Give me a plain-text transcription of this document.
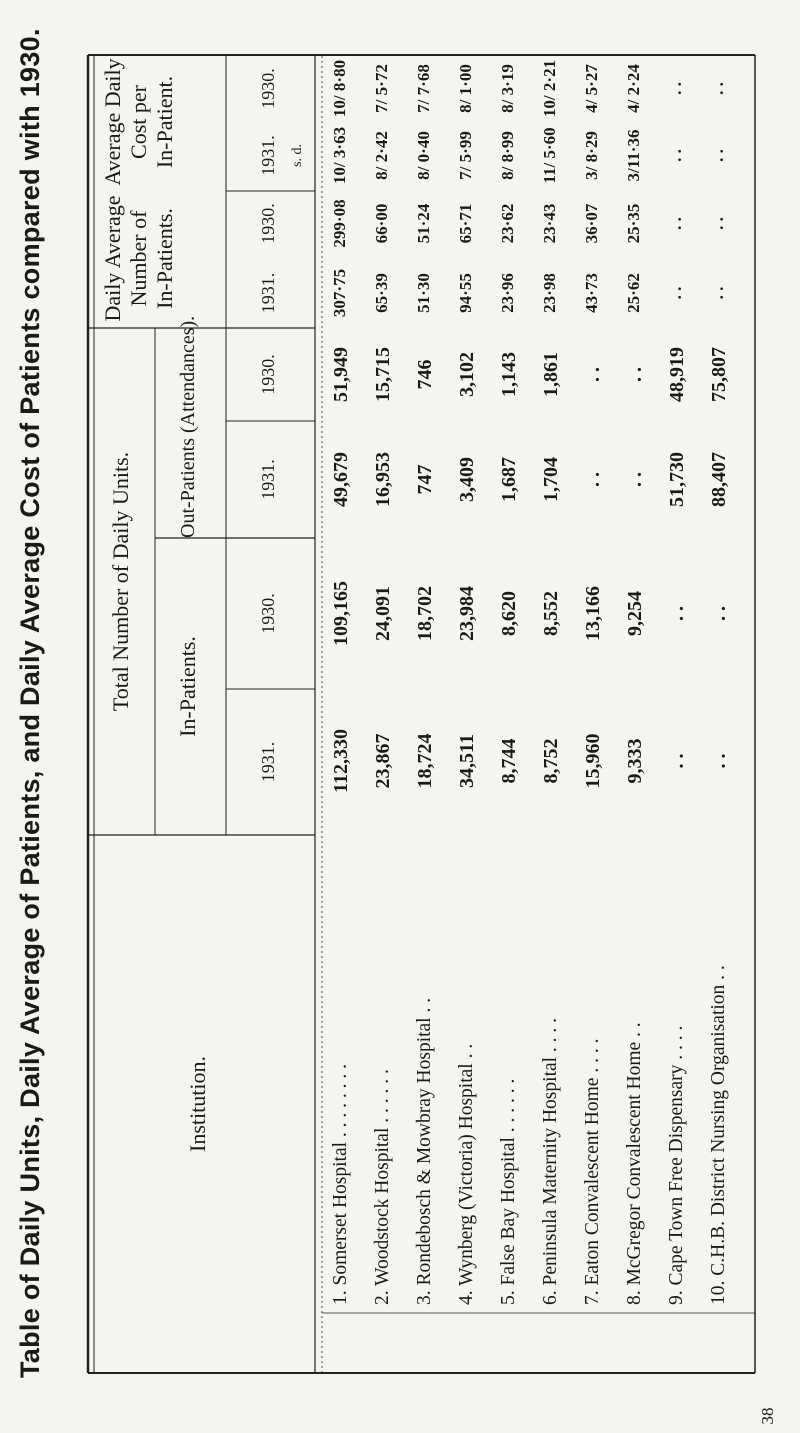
Table of Daily Units, Daily Average of Patients, and Daily Average Cost of Patients compared with 1930.	Institution.
Total Number of Daily Units. In-Patients.
Out-Patients (Attendances).
Daily Average Number of In-Patients.
Average Daily Cost per In-Patient.
1931.
1930.
1931.
1930.
1931.
1930.
1931.
1930.
s. d.
1. Somerset Hospital . . . . . . . .
112,330
109,165
49,679
51,949
307·75
299·08
10/ 3·63
10/ 8·80
2. Woodstock Hospital . . . . . .
23,867
24,091
16,953
15,715
65·39
66·00
8/ 2·42
7/ 5·72
3. Rondebosch & Mowbray Hospital . .
18,724
18,702
747
746
51·30
51·24
8/ 0·40
7/ 7·68
4. Wynberg (Victoria) Hospital . .
34,511
23,984
3,409
3,102
94·55
65·71
7/ 5·99
8/ 1·00
5. False Bay Hospital . . . . . .
8,744
8,620
1,687
1,143
23·96
23·62
8/ 8·99
8/ 3·19
6. Peninsula Maternity Hospital . . . .
8,752
8,552
1,704
1,861
23·98
23·43
11/ 5·60
10/ 2·21
7. Eaton Convalescent Home . . . .
15,960
13,166
. .
. .
43·73
36·07
3/ 8·29
4/ 5·27
8. McGregor Convalescent Home . .
9,333
9,254
. .
. .
25·62
25·35
3/11·36
4/ 2·24
9. Cape Town Free Dispensary . . . .
. .
. .
51,730
48,919
. .
. .
. .
. .
10. C.H.B. District Nursing Organisation . .
. .
. .
88,407
75,807
. .
. .
. .
. .
38
